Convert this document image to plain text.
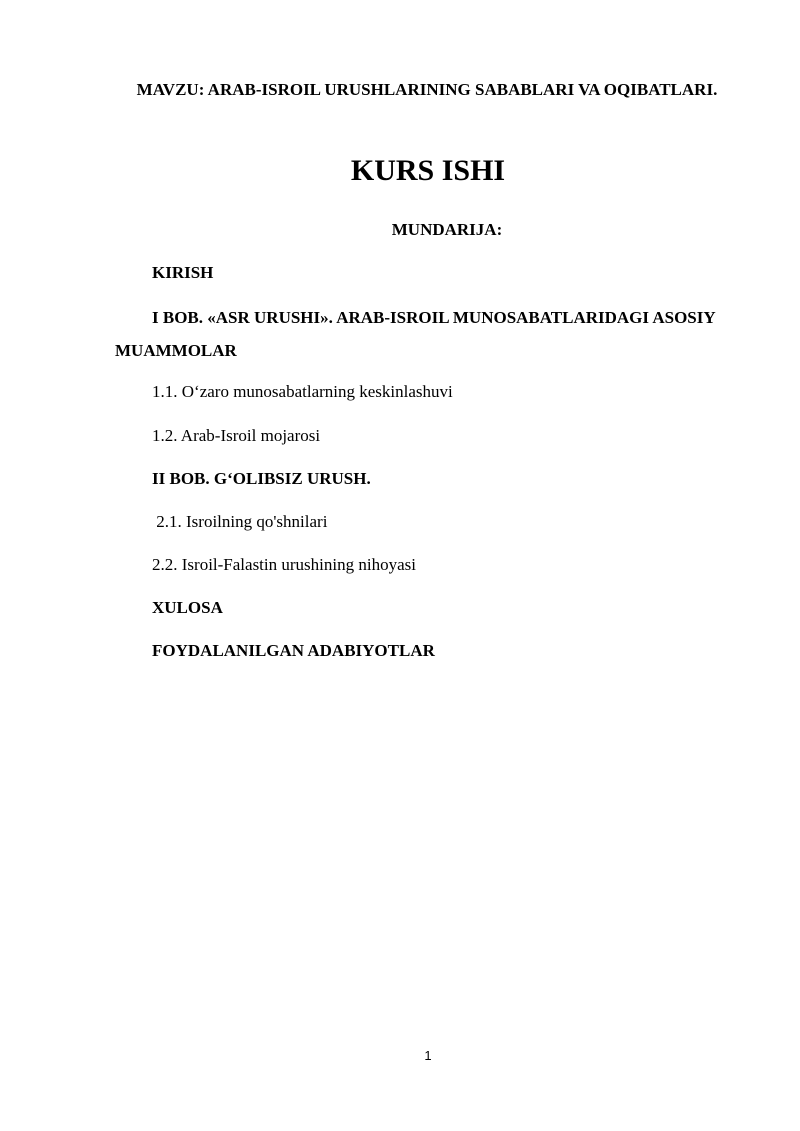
MAVZU: ARAB-ISROIL URUSHLARINING SABABLARI VA OQIBATLARI.
KURS ISHI
MUNDARIJA:
KIRISH
I BOB. «ASR URUSHI». ARAB-ISROIL MUNOSABATLARIDAGI ASOSIY MUAMMOLAR
1.1. O‘zaro munosabatlarning keskinlashuvi
1.2. Arab-Isroil mojarosi
II BOB. G‘OLIBSIZ URUSH.
2.1. Isroilning qo'shnilari
2.2. Isroil-Falastin urushining nihoyasi
XULOSA
FOYDALANILGAN ADABIYOTLAR
1
